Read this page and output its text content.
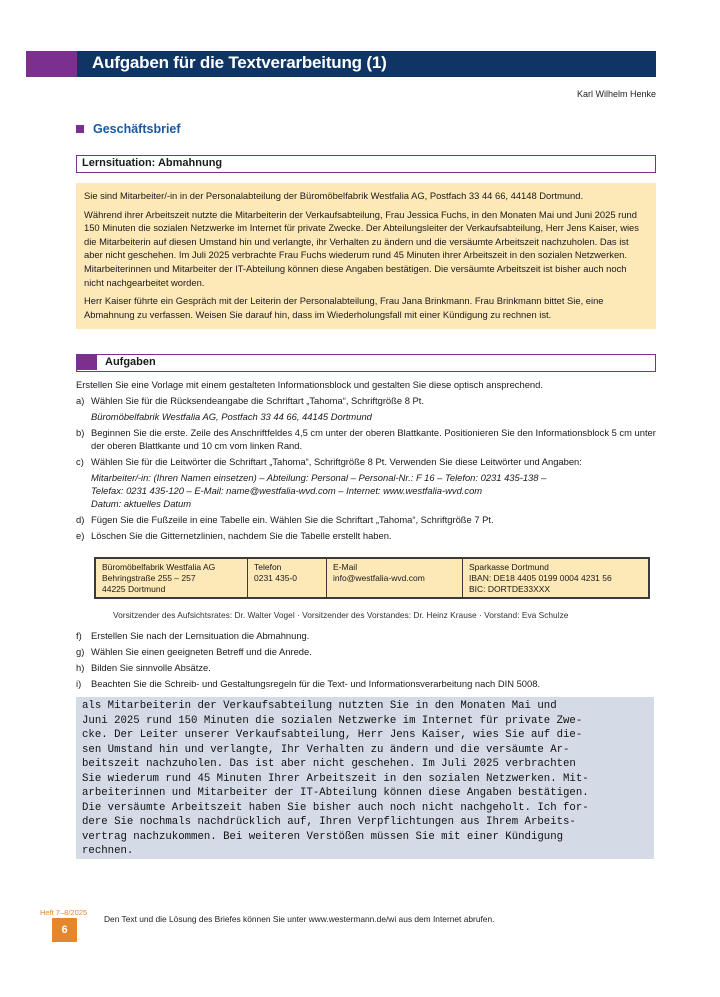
Aufgaben für die Textverarbeitung (1)
Karl Wilhelm Henke
Geschäftsbrief
Lernsituation: Abmahnung

Sie sind Mitarbeiter/-in in der Personalabteilung der Büromöbelfabrik Westfalia AG, Postfach 33 44 66, 44148 Dortmund.

Während ihrer Arbeitszeit nutzte die Mitarbeiterin der Verkaufsabteilung, Frau Jessica Fuchs, in den Monaten Mai und Juni 2025 rund 150 Minuten die sozialen Netzwerke im Internet für private Zwecke. Der Abteilungsleiter der Verkaufsabteilung, Herr Jens Kaiser, wies die Mitarbeiterin auf diesen Umstand hin und verlangte, ihr Verhalten zu ändern und die versäumte Arbeitszeit nachzuholen. Das ist aber nicht geschehen. Im Juli 2025 verbrachte Frau Fuchs wiederum rund 45 Minuten ihrer Arbeitszeit in den sozialen Netzwerken. Mitarbeiterinnen und Mitarbeiter der IT-Abteilung können diese Angaben bestätigen. Die versäumte Arbeitszeit ist bisher auch noch nicht nachgearbeitet worden.

Herr Kaiser führte ein Gespräch mit der Leiterin der Personalabteilung, Frau Jana Brinkmann. Frau Brinkmann bittet Sie, eine Abmahnung zu verfassen. Weisen Sie darauf hin, dass im Wiederholungsfall mit einer Kündigung zu rechnen ist.

Aufgaben
Erstellen Sie eine Vorlage mit einem gestalteten Informationsblock und gestalten Sie diese optisch ansprechend.
a) Wählen Sie für die Rücksendeangabe die Schriftart „Tahoma“, Schriftgröße 8 Pt.
Büromöbelfabrik Westfalia AG, Postfach 33 44 66, 44145 Dortmund
b) Beginnen Sie die erste. Zeile des Anschriftfeldes 4,5 cm unter der oberen Blattkante. Positionieren Sie den Informationsblock 5 cm unter der oberen Blattkante und 10 cm vom linken Rand.
c) Wählen Sie für die Leitwörter die Schriftart „Tahoma“, Schriftgröße 8 Pt. Verwenden Sie diese Leitwörter und Angaben:
Mitarbeiter/-in: (Ihren Namen einsetzen) – Abteilung: Personal – Personal-Nr.: F 16 – Telefon: 0231 435-138 –
Telefax: 0231 435-120 – E-Mail: name@westfalia-wvd.com – Internet: www.westfalia-wvd.com
Datum: aktuelles Datum
d) Fügen Sie die Fußzeile in eine Tabelle ein. Wählen Sie die Schriftart „Tahoma“, Schriftgröße 7 Pt.
e) Löschen Sie die Gitternetzlinien, nachdem Sie die Tabelle erstellt haben.
Büromöbelfabrik Westfalia AG
Behringstraße 255 – 257
44225 Dortmund
Telefon
0231 435-0
E-Mail
info@westfalia-wvd.com
Sparkasse Dortmund
IBAN: DE18 4405 0199 0004 4231 56
BIC: DORTDE33XXX
Vorsitzender des Aufsichtsrates: Dr. Walter Vogel · Vorsitzender des Vorstandes: Dr. Heinz Krause · Vorstand: Eva Schulze
f) Erstellen Sie nach der Lernsituation die Abmahnung.
g) Wählen Sie einen geeigneten Betreff und die Anrede.
h) Bilden Sie sinnvolle Absätze.
i)	Beachten Sie die Schreib- und Gestaltungsregeln für die Text- und Informationsverarbeitung nach DIN 5008.
als Mitarbeiterin der Verkaufsabteilung nutzten Sie in den Monaten Mai und
Juni 2025 rund 150 Minuten die sozialen Netzwerke im Internet für private Zwe-
cke. Der Leiter unserer Verkaufsabteilung, Herr Jens Kaiser, wies Sie auf die-
sen Umstand hin und verlangte, Ihr Verhalten zu ändern und die versäumte Ar-
beitszeit nachzuholen. Das ist aber nicht geschehen. Im Juli 2025 verbrachten
Sie wiederum rund 45 Minuten Ihrer Arbeitszeit in den sozialen Netzwerken. Mit-
arbeiterinnen und Mitarbeiter der IT-Abteilung können diese Angaben bestätigen.
Die versäumte Arbeitszeit haben Sie bisher auch noch nicht nachgeholt. Ich for-
dere Sie nochmals nachdrücklich auf, Ihren Verpflichtungen aus Ihrem Arbeits-
vertrag nachzukommen. Bei weiteren Verstößen müssen Sie mit einer Kündigung
rechnen.
Heft 7–8/2025
6
Den Text und die Lösung des Briefes können Sie unter www.westermann.de/wi aus dem Internet abrufen.
